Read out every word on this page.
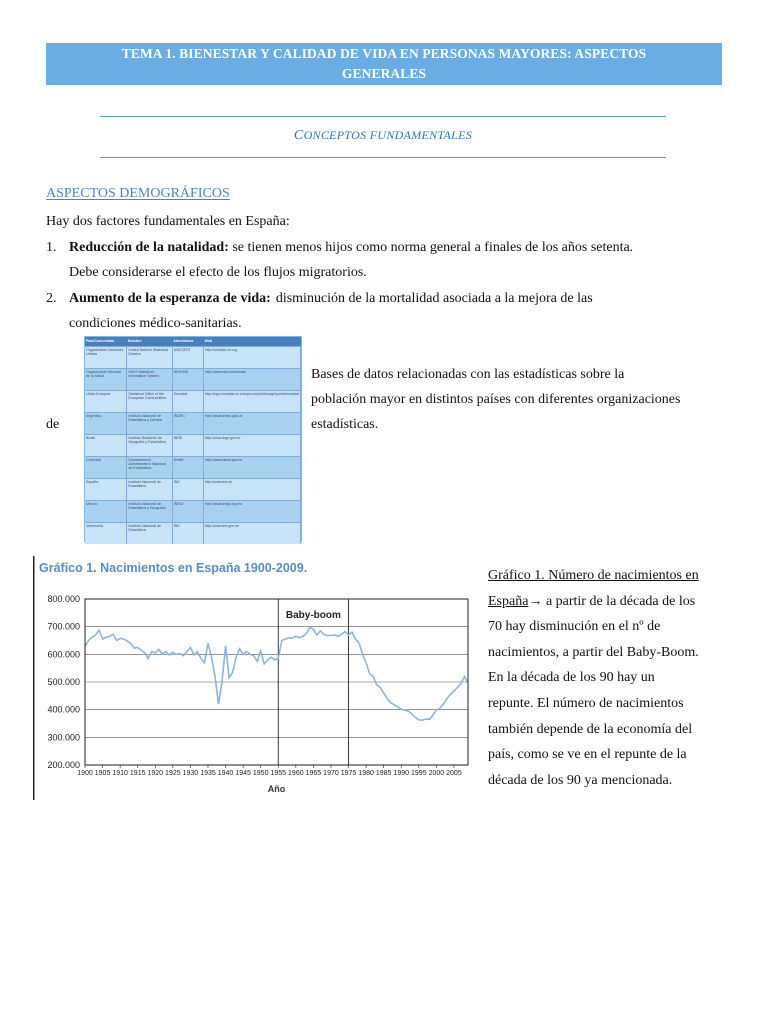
TEMA 1. BIENESTAR Y CALIDAD DE VIDA EN PERSONAS MAYORES: ASPECTOS
GENERALES
CONCEPTOS FUNDAMENTALES
ASPECTOS DEMOGRÁFICOS
Hay dos factores fundamentales en España:
1. Reducción de la natalidad: se tienen menos hijos como norma general a finales de los años setenta.
Debe considerarse el efecto de los flujos migratorios.
2. Aumento de la esperanza de vida: disminución de la mortalidad asociada a la mejora de las
condiciones médico-sanitarias.
País/Comunidad	Nombre	Abreviatura	Web
Organización Naciones Unidas	United Nations Statistical Division	UNSTATS	http://unstats.un.org
Organización Mundial de la Salud	WHO Statistical Information System	WHOSIS	http://www.who.int/whosis
Unión Europea	Statistical Office of the European Communities	Eurostat	http://epp.eurostat.ec.europa.eu/portal/page/portal/eurostat
Argentina	Instituto Nacional de Estadística y Censos	INDEC	http://www.indec.gob.ar
Brasil	Instituto Brasileño de Geografía y Estadística	IBGE	http://www.ibge.gov.br
Colombia	Departamento Administrativo Nacional de Estadística	DANE	http://www.dane.gov.co
España	Instituto Nacional de Estadística	INE	http://www.ine.es
México	Instituto Nacional de Estadística y Geografía	INEGI	http://www.inegi.org.mx
Venezuela	Instituto Nacional de Estadística	INE	http://www.ine.gov.ve
de
Bases de datos relacionadas con las estadísticas sobre la
población mayor en distintos países con diferentes organizaciones
estadísticas.
Gráfico 1. Nacimientos en España 1900-2009.
200.000
300.000
400.000
500.000
600.000
700.000
800.000
1900 1905 1910 1915 1920 1925 1930 1935 1940 1945 1950 1955 1960 1965 1970 1975 1980 1985 1990 1995 2000 2005
Baby-boom
Año
Gráfico 1. Número de nacimientos en
España→ a partir de la década de los
70 hay disminución en el nº de
nacimientos, a partir del Baby-Boom.
En la década de los 90 hay un
repunte. El número de nacimientos
también depende de la economía del
país, como se ve en el repunte de la
década de los 90 ya mencionada.
